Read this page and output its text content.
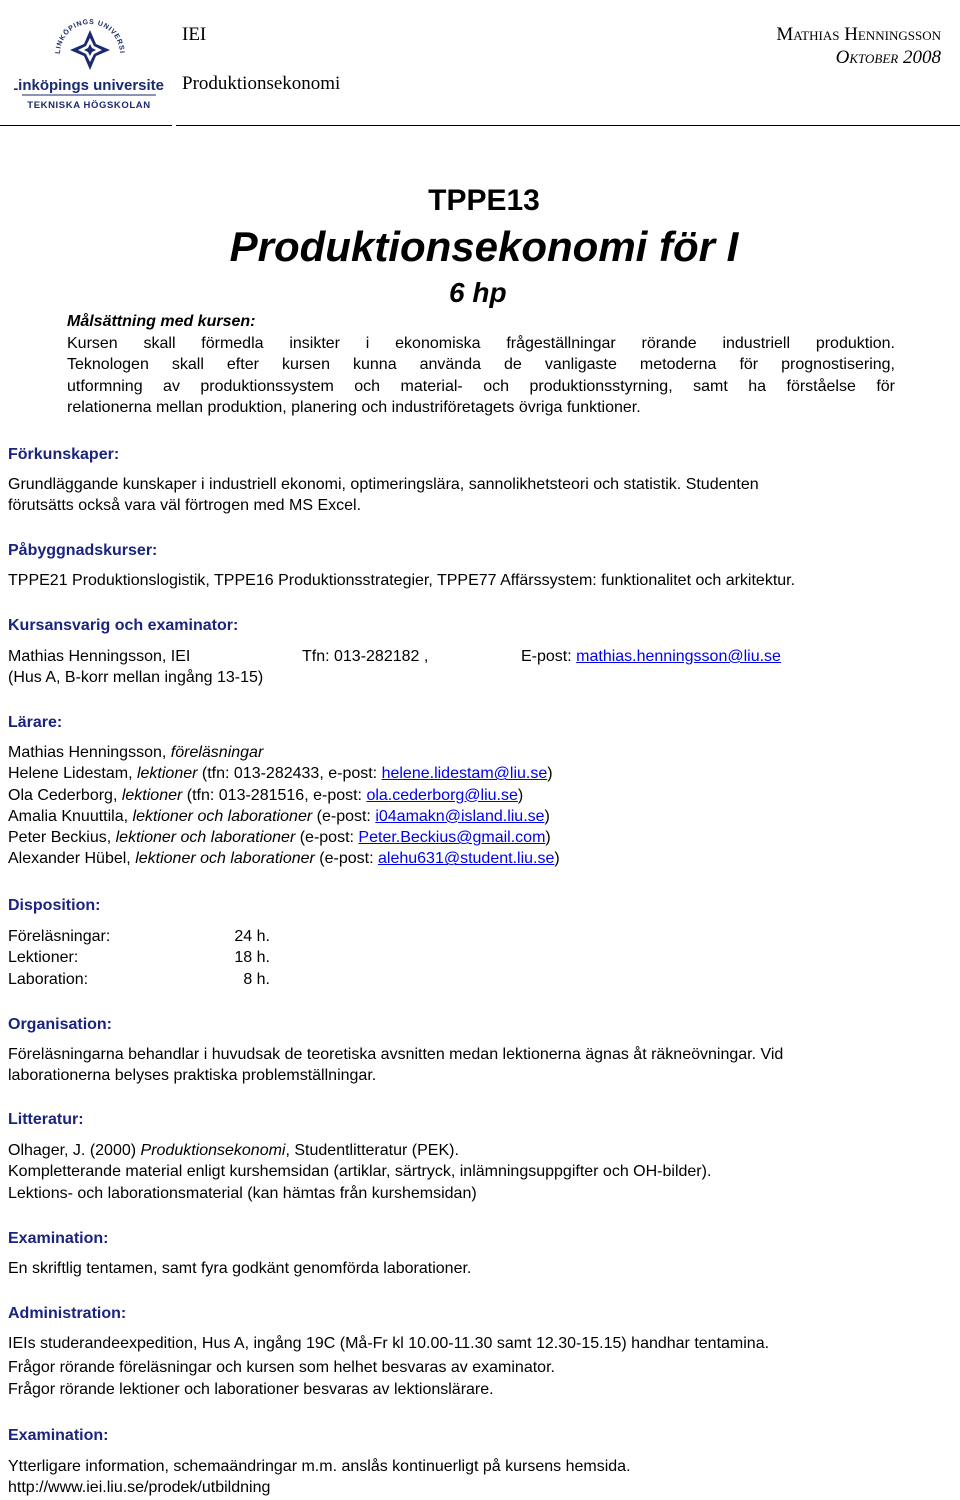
LINKÖPINGS UNIVERSI
Linköpings universitet
TEKNISKA HÖGSKOLAN
IEI
Produktionsekonomi
Mathias Henningsson
Oktober 2008
TPPE13
Produktionsekonomi för I
6 hp
Målsättning med kursen:
Kursen skall förmedla insikter i ekonomiska frågeställningar rörande industriell produktion.
Teknologen skall efter kursen kunna använda de vanligaste metoderna för prognostisering,
utformning av produktionssystem och material- och produktionsstyrning, samt ha förståelse för
relationerna mellan produktion, planering och industriföretagets övriga funktioner.
Förkunskaper:
Grundläggande kunskaper i industriell ekonomi, optimeringslära, sannolikhetsteori och statistik. Studenten
förutsätts också vara väl förtrogen med MS Excel.
Påbyggnadskurser:
TPPE21 Produktionslogistik, TPPE16 Produktionsstrategier, TPPE77 Affärssystem: funktionalitet och arkitektur.
Kursansvarig och examinator:
Mathias Henningsson, IEI	Tfn: 013-282182 ,	E-post: mathias.henningsson@liu.se
(Hus A, B-korr mellan ingång 13-15)
Lärare:
Mathias Henningsson, föreläsningar
Helene Lidestam, lektioner (tfn: 013-282433, e-post: helene.lidestam@liu.se)
Ola Cederborg, lektioner (tfn: 013-281516, e-post: ola.cederborg@liu.se)
Amalia Knuuttila, lektioner och laborationer (e-post: i04amakn@island.liu.se)
Peter Beckius, lektioner och laborationer (e-post: Peter.Beckius@gmail.com)
Alexander Hübel, lektioner och laborationer (e-post: alehu631@student.liu.se)
Disposition:
Föreläsningar:	24 h.
Lektioner:	18 h.
Laboration:	8 h.
Organisation:
Föreläsningarna behandlar i huvudsak de teoretiska avsnitten medan lektionerna ägnas åt räkneövningar. Vid
laborationerna belyses praktiska problemställningar.
Litteratur:
Olhager, J. (2000) Produktionsekonomi, Studentlitteratur (PEK).
Kompletterande material enligt kurshemsidan (artiklar, särtryck, inlämningsuppgifter och OH-bilder).
Lektions- och laborationsmaterial (kan hämtas från kurshemsidan)
Examination:
En skriftlig tentamen, samt fyra godkänt genomförda laborationer.
Administration:
IEIs studerandeexpedition, Hus A, ingång 19C (Må-Fr kl 10.00-11.30 samt 12.30-15.15) handhar tentamina.
Frågor rörande föreläsningar och kursen som helhet besvaras av examinator.
Frågor rörande lektioner och laborationer besvaras av lektionslärare.
Examination:
Ytterligare information, schemaändringar m.m. anslås kontinuerligt på kursens hemsida.
http://www.iei.liu.se/prodek/utbildning
